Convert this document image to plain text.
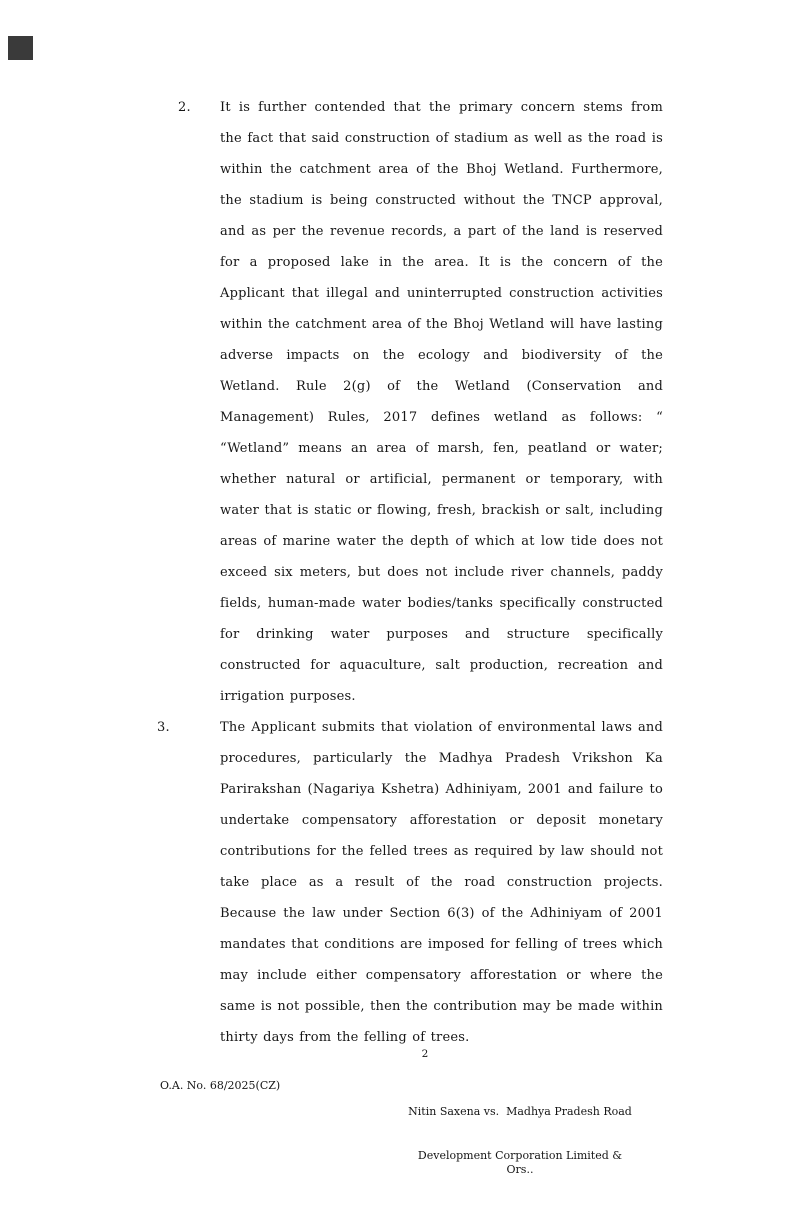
2. It is further contended that the primary concern stems from the fact that said construction of stadium as well as the road is within the catchment area of the Bhoj Wetland. Furthermore, the stadium is being constructed without the TNCP approval, and as per the revenue records, a part of the land is reserved for a proposed lake in the area. It is the concern of the Applicant that illegal and uninterrupted construction activities within the catchment area of the Bhoj Wetland will have lasting adverse impacts on the ecology and biodiversity of the Wetland. Rule 2(g) of the Wetland (Conservation and Management) Rules, 2017 defines wetland as follows: “ “Wetland” means an area of marsh, fen, peatland or water; whether natural or artificial, permanent or temporary, with water that is static or flowing, fresh, brackish or salt, including areas of marine water the depth of which at low tide does not exceed six meters, but does not include river channels, paddy fields, human-made water bodies/tanks specifically constructed for drinking water purposes and structure specifically constructed for aquaculture, salt production, recreation and irrigation purposes.
3.	The Applicant submits that violation of environmental laws and procedures, particularly the Madhya Pradesh Vrikshon Ka Parirakshan (Nagariya Kshetra) Adhiniyam, 2001 and failure to undertake compensatory afforestation or deposit monetary contributions for the felled trees as required by law should not take place as a result of the road construction projects. Because the law under Section 6(3) of the Adhiniyam of 2001 mandates that conditions are imposed for felling of trees which may include either compensatory afforestation or where the same is not possible, then the contribution may be made within thirty days from the felling of trees.
2
O.A. No. 68/2025(CZ)

Nitin Saxena vs.  Madhya Pradesh Road

Development Corporation Limited & Ors..
